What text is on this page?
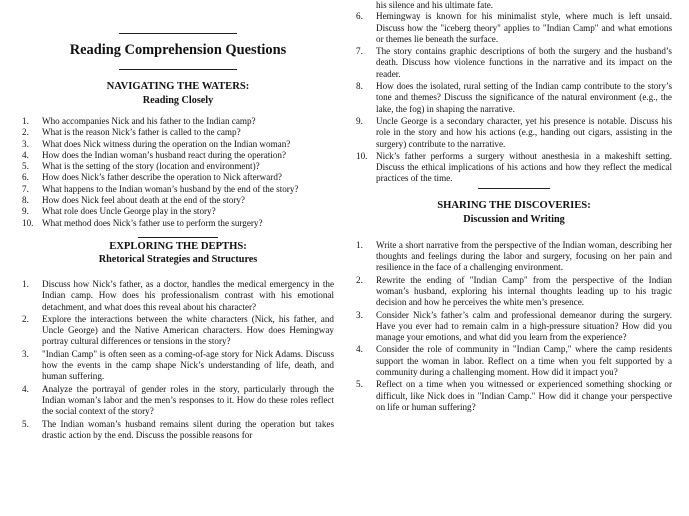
Reading Comprehension Questions
NAVIGATING THE WATERS:
Reading Closely
1. Who accompanies Nick and his father to the Indian camp?
2. What is the reason Nick’s father is called to the camp?
3. What does Nick witness during the operation on the Indian woman?
4. How does the Indian woman’s husband react during the operation?
5. What is the setting of the story (location and environment)?
6. How does Nick’s father describe the operation to Nick afterward?
7. What happens to the Indian woman’s husband by the end of the story?
8. How does Nick feel about death at the end of the story?
9. What role does Uncle George play in the story?
10. What method does Nick’s father use to perform the surgery?
EXPLORING THE DEPTHS:
Rhetorical Strategies and Structures
1. Discuss how Nick’s father, as a doctor, handles the medical emergency in the Indian camp. How does his professionalism contrast with his emotional detachment, and what does this reveal about his character?
2. Explore the interactions between the white characters (Nick, his father, and Uncle George) and the Native American characters. How does Hemingway portray cultural differences or tensions in the story?
3. "Indian Camp" is often seen as a coming-of-age story for Nick Adams. Discuss how the events in the camp shape Nick’s understanding of life, death, and human suffering.
4. Analyze the portrayal of gender roles in the story, particularly through the Indian woman’s labor and the men’s responses to it. How do these roles reflect the social context of the story?
5. The Indian woman’s husband remains silent during the operation but takes drastic action by the end. Discuss the possible reasons for
his silence and his ultimate fate.
6. Hemingway is known for his minimalist style, where much is left unsaid. Discuss how the "iceberg theory" applies to "Indian Camp" and what emotions or themes lie beneath the surface.
7. The story contains graphic descriptions of both the surgery and the husband’s death. Discuss how violence functions in the narrative and its impact on the reader.
8. How does the isolated, rural setting of the Indian camp contribute to the story’s tone and themes? Discuss the significance of the natural environment (e.g., the lake, the fog) in shaping the narrative.
9. Uncle George is a secondary character, yet his presence is notable. Discuss his role in the story and how his actions (e.g., handing out cigars, assisting in the surgery) contribute to the narrative.
10. Nick’s father performs a surgery without anesthesia in a makeshift setting. Discuss the ethical implications of his actions and how they reflect the medical practices of the time.
SHARING THE DISCOVERIES:
Discussion and Writing
1. Write a short narrative from the perspective of the Indian woman, describing her thoughts and feelings during the labor and surgery, focusing on her pain and resilience in the face of a challenging environment.
2. Rewrite the ending of "Indian Camp" from the perspective of the Indian woman’s husband, exploring his internal thoughts leading up to his tragic decision and how he perceives the white men’s presence.
3. Consider Nick’s father’s calm and professional demeanor during the surgery. Have you ever had to remain calm in a high-pressure situation? How did you manage your emotions, and what did you learn from the experience?
4. Consider the role of community in "Indian Camp," where the camp residents support the woman in labor. Reflect on a time when you felt supported by a community during a challenging moment. How did it impact you?
5. Reflect on a time when you witnessed or experienced something shocking or difficult, like Nick does in "Indian Camp." How did it change your perspective on life or human suffering?
